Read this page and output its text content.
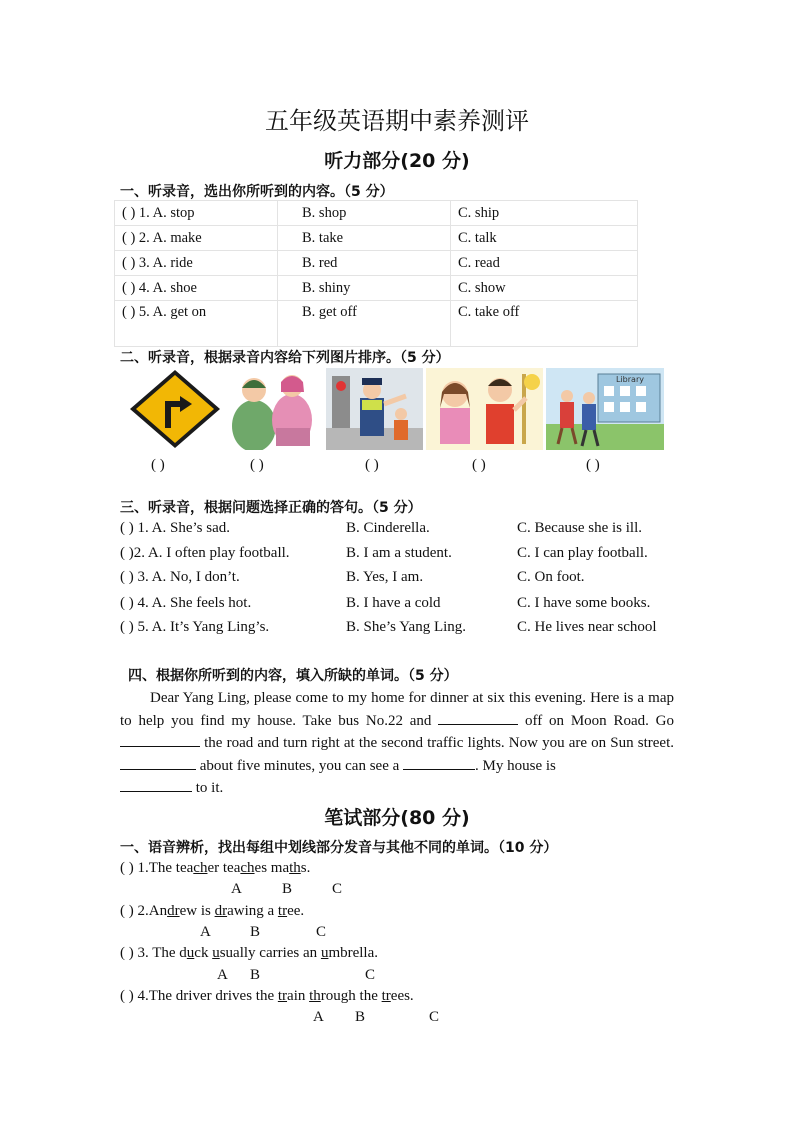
五年级英语期中素养测评
听力部分(20 分)
一、听录音，选出你所听到的内容。（5 分）
( ) 1. A. stop	B. shop	C. ship
( ) 2. A. make	B. take	C. talk
( ) 3. A. ride	B. red	C. read
( ) 4. A. shoe	B. shiny	C. show
( ) 5. A. get on	B. get off	C. take off
二、听录音，根据录音内容给下列图片排序。（5 分）
Library
( )	( )	( )	( )	( )
三、听录音，根据问题选择正确的答句。（5 分）
( ) 1. A. She’s sad.	B. Cinderella.	C. Because she is ill.
( )2. A. I often play football.	B. I am a student.	C. I can play football.
( ) 3. A. No, I don’t.	B. Yes, I am.	C. On foot.
( ) 4. A. She feels hot.	B. I have a cold	C. I have some books.
( ) 5. A. It’s Yang Ling’s.	B. She’s Yang Ling.	C. He lives near school
四、根据你所听到的内容，填入所缺的单词。（5 分）
Dear Yang Ling, please come to my home for dinner at six this evening. Here is a map to help you find my house. Take bus No.22 and	off on Moon Road. Go  the road and turn right at the second traffic lights. Now you are on Sun street. about five minutes, you can see a	. My house is
to it.
笔试部分(80 分)
一、语音辨析，找出每组中划线部分发音与其他不同的单词。（10 分）
( ) 1.The teacher teaches maths.
A	B	C
( ) 2.Andrew is drawing a tree.
A	B	C
( ) 3. The duck usually carries an umbrella.
A B	C
( ) 4.The driver drives the train through the trees.
A B	C
